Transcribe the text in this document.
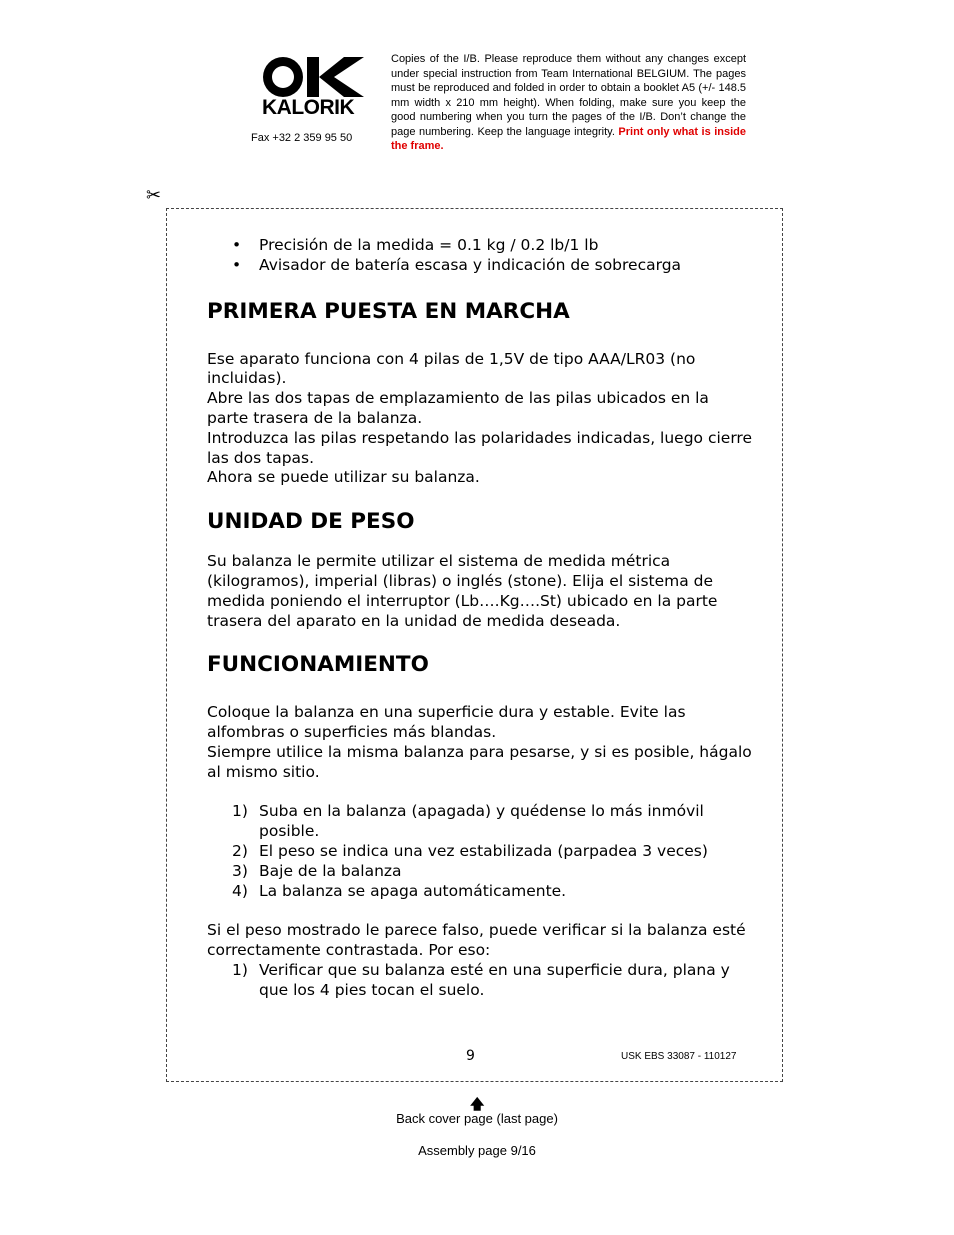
KALORIK
Fax +32 2 359 95 50
Copies of the I/B. Please reproduce them without any changes except under special instruction from Team International BELGIUM. The pages must be reproduced and folded in order to obtain a booklet A5 (+/- 148.5 mm width x 210 mm height). When folding, make sure you keep the good numbering when you turn the pages of the I/B. Don’t change the page numbering. Keep the language integrity. Print only what is inside the frame.
✂
• Precisión de la medida = 0.1 kg / 0.2 lb/1 lb
• Avisador de batería escasa y indicación de sobrecarga
PRIMERA PUESTA EN MARCHA

Ese aparato funciona con 4 pilas de 1,5V de tipo AAA/LR03 (no incluidas).

Abre las dos tapas de emplazamiento de las pilas ubicados en la parte trasera de la balanza.

Introduzca las pilas respetando las polaridades indicadas, luego cierre las dos tapas.

Ahora se puede utilizar su balanza.

UNIDAD DE PESO

Su balanza le permite utilizar el sistema de medida métrica (kilogramos), imperial (libras) o inglés (stone). Elija el sistema de medida poniendo el interruptor (Lb….Kg….St) ubicado en la parte trasera del aparato en la unidad de medida deseada.

FUNCIONAMIENTO

Coloque la balanza en una superficie dura y estable. Evite las alfombras o superficies más blandas.

Siempre utilice la misma balanza para pesarse, y si es posible, hágalo al mismo sitio.

1) Suba en la balanza (apagada) y quédense lo más inmóvil posible.
2) El peso se indica una vez estabilizada (parpadea 3 veces)
3) Baje de la balanza
4) La balanza se apaga automáticamente.

Si el peso mostrado le parece falso, puede verificar si la balanza esté correctamente contrastada. Por eso:

1) Verificar que su balanza esté en una superficie dura, plana y que los 4 pies tocan el suelo.
9	USK EBS 33087 - 110127
🡅
Back cover page (last page)
Assembly page 9/16
